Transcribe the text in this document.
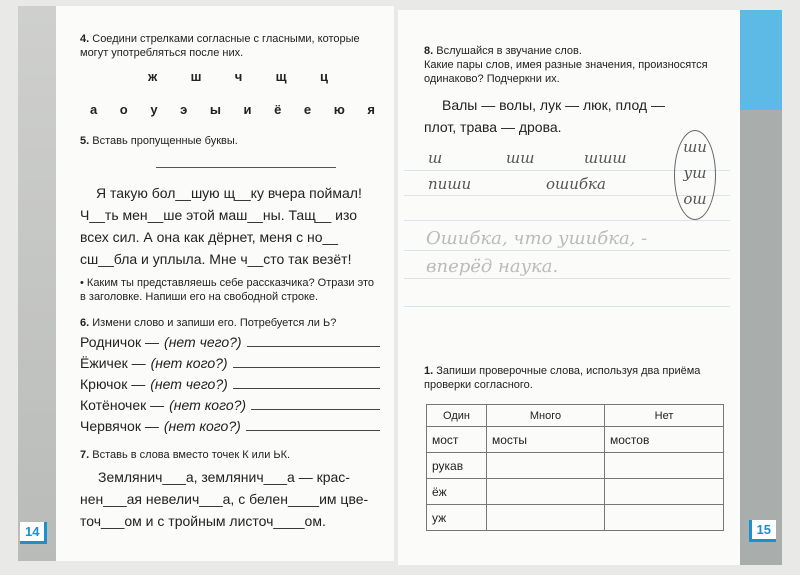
14
4. Соедини стрелками согласные с гласными, которые могут употребляться после них.
ж	ш	ч	щ	ц
а о у э ы и ё е ю я
5. Вставь пропущенные буквы.
Я такую бол__шую щ__ку вчера поймал!
Ч__ть мен__ше этой маш__ны. Тащ__ изо
всех сил. А она как дёрнет, меня с но__
сш__бла и уплыла. Мне ч__сто так везёт!
• Каким ты представляешь себе рассказчика? Отрази это в заголовке. Напиши его на свободной строке.
6. Измени слово и запиши его. Потребуется ли Ь?
Родничок — (нет чего?)
Ёжичек — (нет кого?)
Крючок — (нет чего?)
Котёночек — (нет кого?)
Червячок — (нет кого?)
7. Вставь в слова вместо точек К или ЬК.
Землянич___а, землянич___а — крас-
нен___ая невелич___а, с белен____им цве-
точ___ом и с тройным листоч____ом.
15
8. Вслушайся в звучание слов.
Какие пары слов, имея разные значения, произносятся одинаково? Подчеркни их.
Валы — волы, лук — люк, плод —
плот, трава — дрова.
ш	шш	шшш
пиши	ошибка
ши
уш
ош
Ошибка, что ушибка, -
вперёд наука.
1. Запиши проверочные слова, используя два приёма проверки согласного.
Один	Много	Нет
мост	мосты	мостов
рукав		
ёж		
уж		
